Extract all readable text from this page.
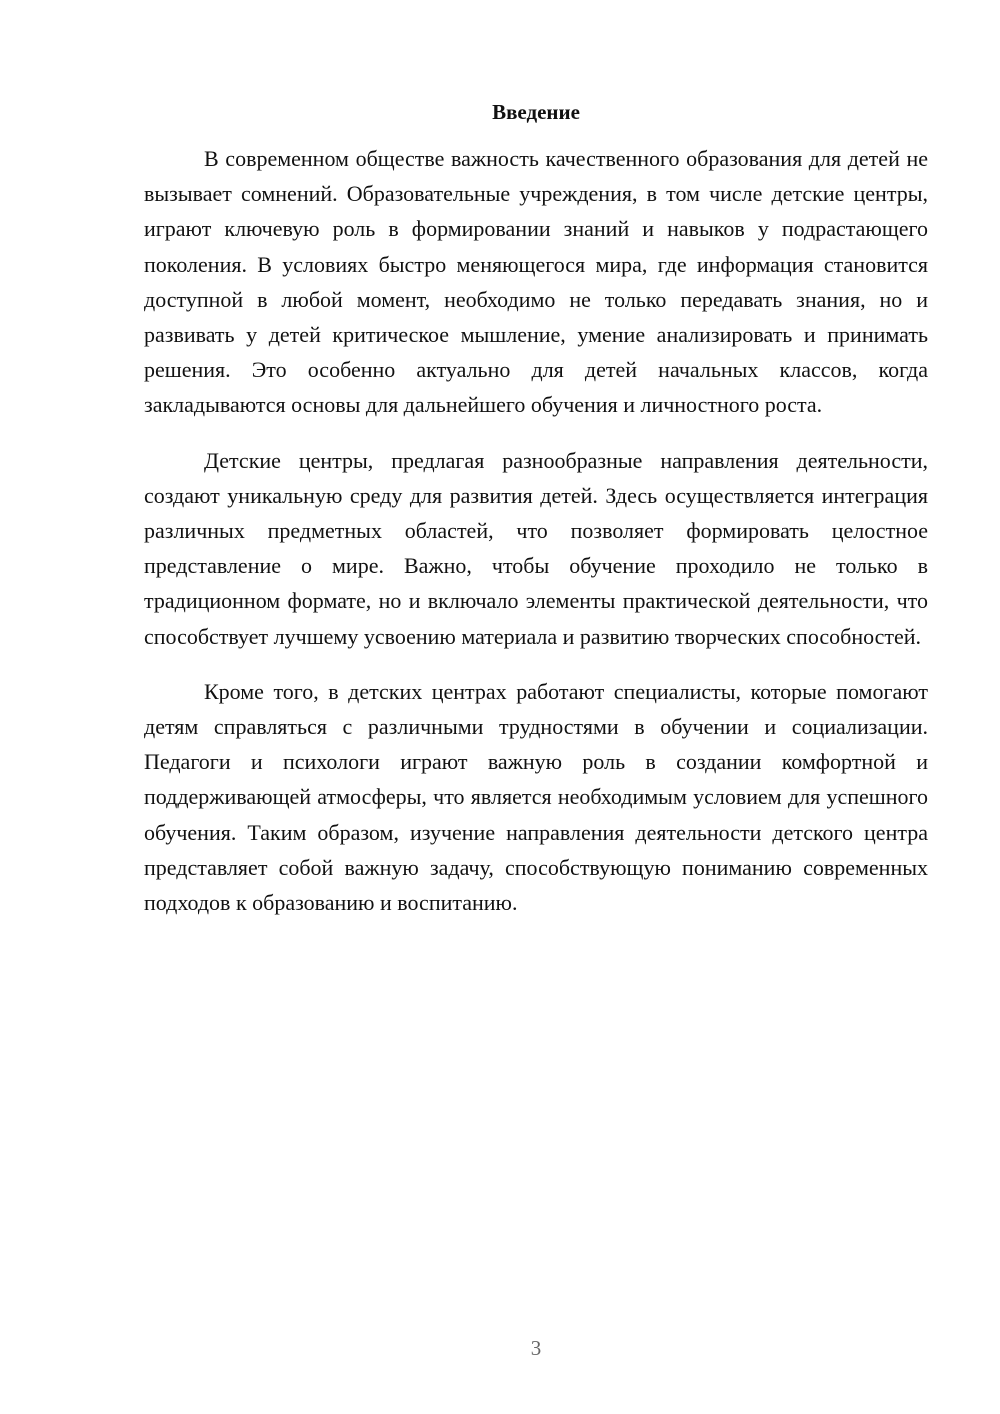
Введение

В современном обществе важность качественного образования для детей не вызывает сомнений. Образовательные учреждения, в том числе детские центры, играют ключевую роль в формировании знаний и навыков у подрастающего поколения. В условиях быстро меняющегося мира, где информация становится доступной в любой момент, необходимо не только передавать знания, но и развивать у детей критическое мышление, умение анализировать и принимать решения. Это особенно актуально для детей начальных классов, когда закладываются основы для дальнейшего обучения и личностного роста.

Детские центры, предлагая разнообразные направления деятельности, создают уникальную среду для развития детей. Здесь осуществляется интеграция различных предметных областей, что позволяет формировать целостное представление о мире. Важно, чтобы обучение проходило не только в традиционном формате, но и включало элементы практической деятельности, что способствует лучшему усвоению материала и развитию творческих способностей.

Кроме того, в детских центрах работают специалисты, которые помогают детям справляться с различными трудностями в обучении и социализации. Педагоги и психологи играют важную роль в создании комфортной и поддерживающей атмосферы, что является необходимым условием для успешного обучения. Таким образом, изучение направления деятельности детского центра представляет собой важную задачу, способствующую пониманию современных подходов к образованию и воспитанию.

3
